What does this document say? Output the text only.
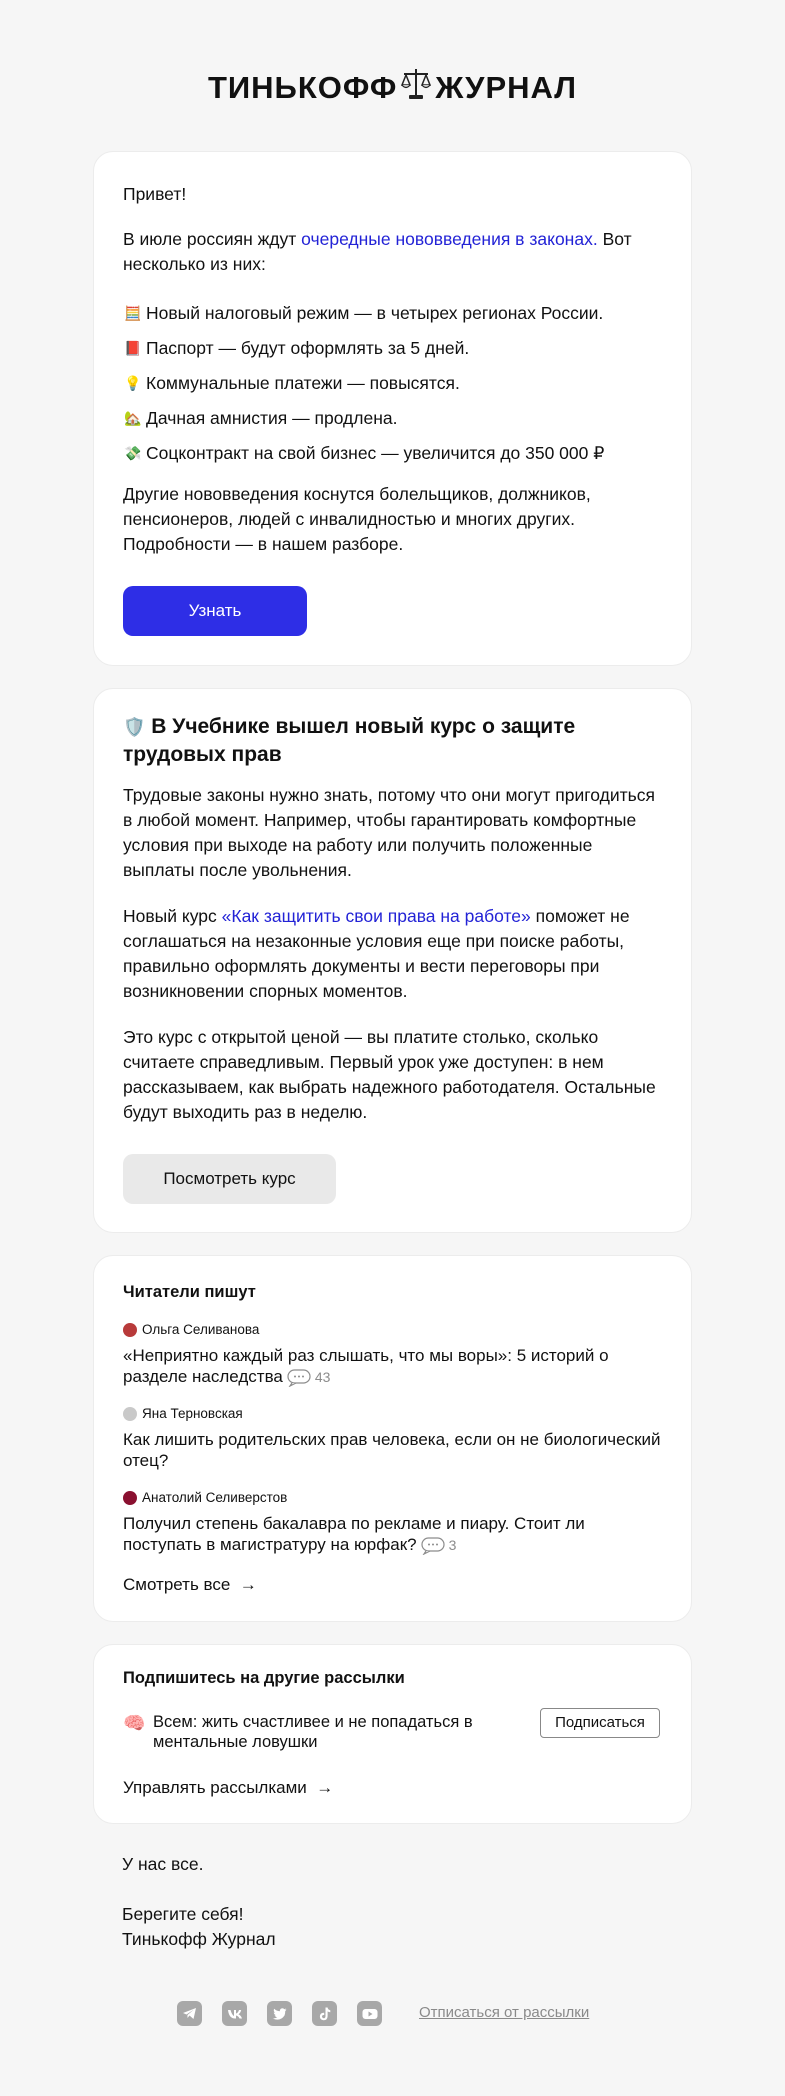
ТИНЬКОФФ ЖУРНАЛ

Привет!

В июле россиян ждут очередные нововведения в законах. Вот несколько из них:

🧮 Новый налоговый режим — в четырех регионах России.
📕 Паспорт — будут оформлять за 5 дней.
💡 Коммунальные платежи — повысятся.
🏡 Дачная амнистия — продлена.
💸 Соцконтракт на свой бизнес — увеличится до 350 000 ₽

Другие нововведения коснутся болельщиков, должников, пенсионеров, людей с инвалидностью и многих других. Подробности — в нашем разборе.

Узнать
🛡️ В Учебнике вышел новый курс о защите трудовых прав

Трудовые законы нужно знать, потому что они могут пригодиться в любой момент. Например, чтобы гарантировать комфортные условия при выходе на работу или получить положенные выплаты после увольнения.

Новый курс «Как защитить свои права на работе» поможет не соглашаться на незаконные условия еще при поиске работы, правильно оформлять документы и вести переговоры при возникновении спорных моментов.

Это курс с открытой ценой — вы платите столько, сколько считаете справедливым. Первый урок уже доступен: в нем рассказываем, как выбрать надежного работодателя. Остальные будут выходить раз в неделю.

Посмотреть курс
Читатели пишут
Ольга Селиванова
«Неприятно каждый раз слышать, что мы воры»: 5 историй о разделе наследства 43
Яна Терновская
Как лишить родительских прав человека, если он не биологический отец?
Анатолий Селиверстов
Получил степень бакалавра по рекламе и пиару. Стоит ли поступать в магистратуру на юрфак? 3
Смотреть все →
Подпишитесь на другие рассылки
🧠 Всем: жить счастливее и не попадаться в ментальные ловушки
Подписаться
Управлять рассылками →
У нас все.
Берегите себя!
Тинькофф Журнал
Отписаться от рассылки
